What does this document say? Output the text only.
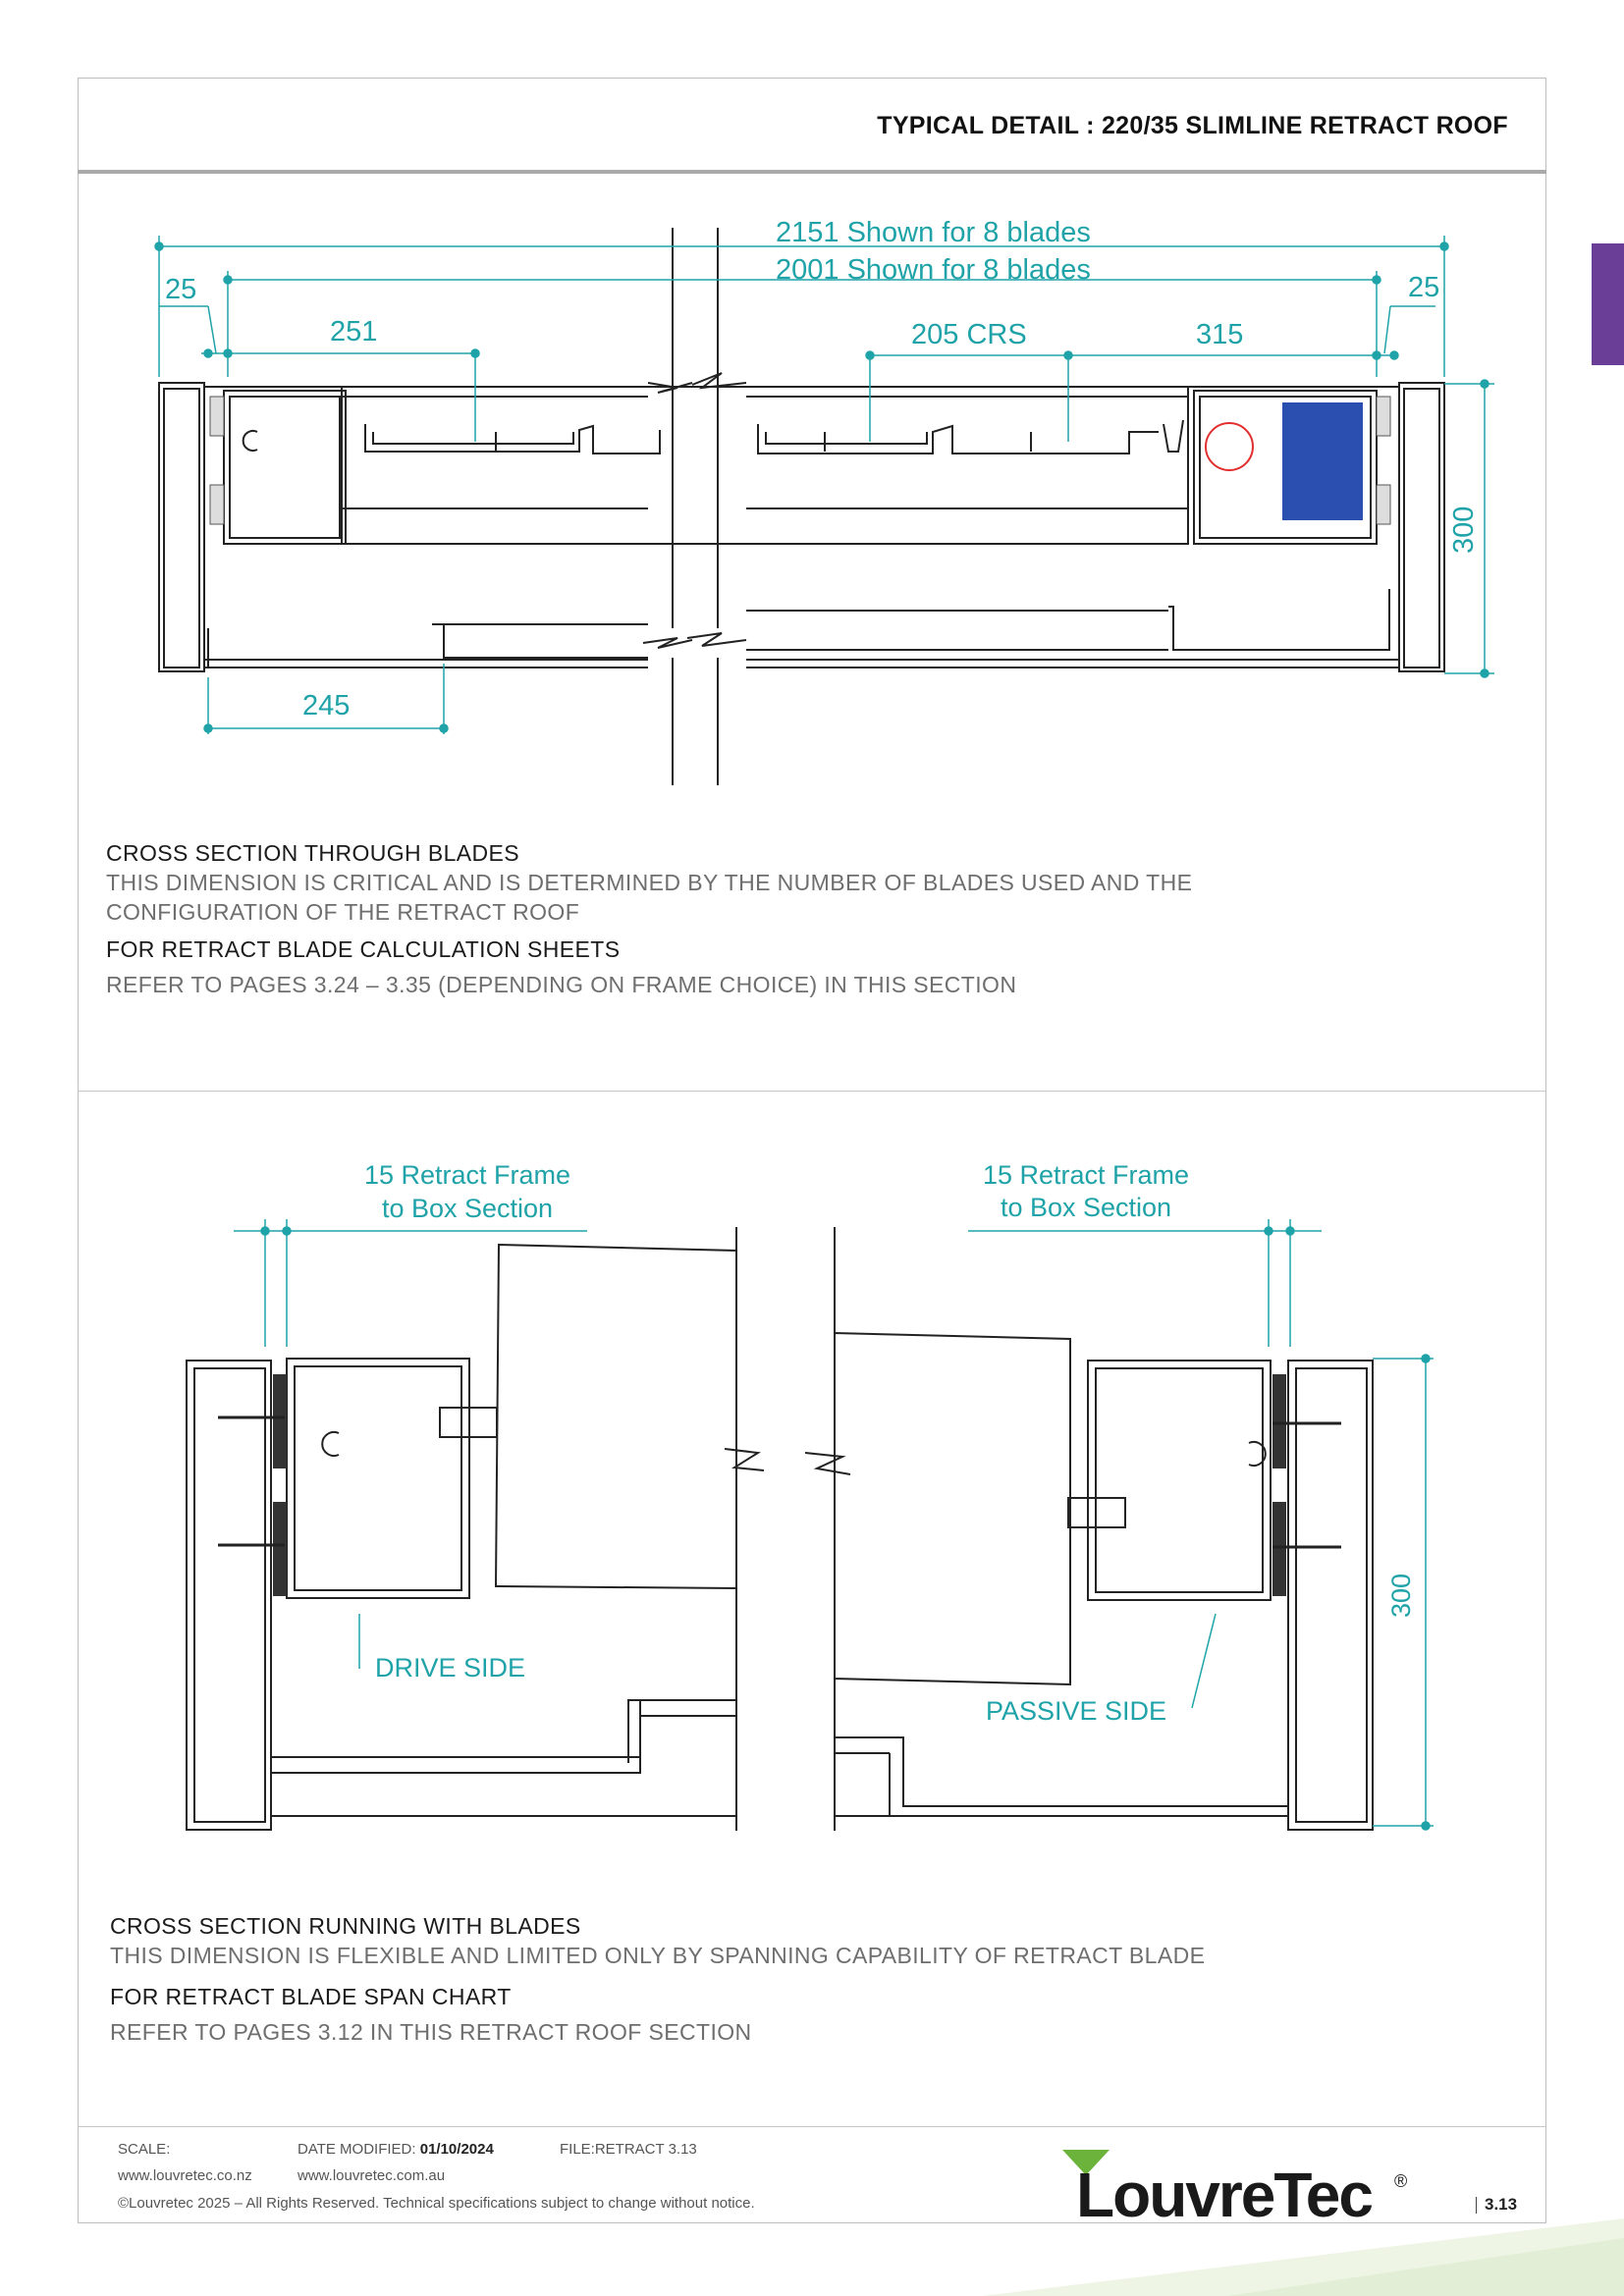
TYPICAL DETAIL : 220/35 SLIMLINE RETRACT ROOF
2151 Shown for 8 blades
2001 Shown for 8 blades
25	25
251	205 CRS	315
245
300
CROSS SECTION THROUGH BLADES
THIS DIMENSION IS CRITICAL AND IS DETERMINED BY THE NUMBER OF BLADES USED AND THE
CONFIGURATION OF THE RETRACT ROOF
FOR RETRACT BLADE CALCULATION SHEETS
REFER TO PAGES 3.24 – 3.35 (DEPENDING ON FRAME CHOICE) IN THIS SECTION
15 Retract Frame
to Box Section
15 Retract Frame
to Box Section
DRIVE SIDE
PASSIVE SIDE
300
CROSS SECTION RUNNING WITH BLADES
THIS DIMENSION IS FLEXIBLE AND LIMITED ONLY BY SPANNING CAPABILITY OF RETRACT BLADE
FOR RETRACT BLADE SPAN CHART
REFER TO PAGES 3.12 IN THIS RETRACT ROOF SECTION
SCALE:	DATE MODIFIED: 01/10/2024	FILE:RETRACT 3.13
www.louvretec.co.nz	www.louvretec.com.au
©Louvretec 2025 – All Rights Reserved. Technical specifications subject to change without notice.	LouvreTec ®
3.13
